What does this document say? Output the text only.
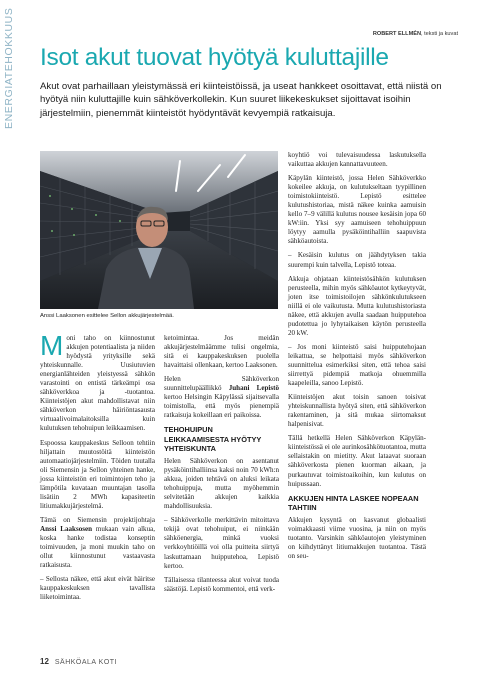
ENERGIATEHOKKUUS	ROBERT ELLMÉN, teksti ja kuvat
Isot akut tuovat hyötyä kuluttajille

Akut ovat parhaillaan yleistymässä eri kiinteistöissä, ja useat hankkeet osoittavat, että niistä on hyötyä niin kuluttajille kuin sähköverkollekin. Kun suuret liikekeskukset sijoittavat isoihin järjestelmiin, pienemmät kiinteistöt hyödyntävät kevyempiä ratkaisuja.

Anssi Laaksonen esittelee Sellon akkujärjestelmää.

Moni taho on kiinnostunut akkujen potentiaalista ja niiden hyödystä yrityksille sekä yhteiskunnalle. Uusiutuvien energianlähteiden yleistyessä sähkön varastointi on entistä tärkeämpi osa sähköverkkoa ja -tuotantoa. Kiinteistöjen akut mahdollistavat niin sähköverkon häiriöntasausta virtuaalivoimalaitoksilla kuin kulutuksen tehohuipun leikkaamisen.

Espoossa kauppakeskus Selloon tehtiin hiljattain muutostöitä kiinteistön automaatiojärjestelmiin. Töiden tuutalla oli Siemensin ja Sellon yhteinen hanke, jossa kiinteistön eri toimintojen teho ja lämpötila kuvataan muuntajan tasolla lisätiin 2 MWh kapasiteetin litiumakkujärjestelmä.

Tämä on Siemensin projektijohtaja Anssi Laaksosen mukaan vain alkua, koska hanke todistaa konseptin toimivuuden, ja moni muukin taho on ollut kiinnostunut vastaavasta ratkaisusta.

– Sellosta näkee, että akut eivät häiritse kauppakeskuksen tavallista liiketoimintaa.

ketoimintaa. Jos meidän akkujärjestelmäämme tulisi ongelmia, sitä ei kauppakeskuksen puolella havaittaisi ollenkaan, kertoo Laaksonen.

Helen Sähköverkon suunnittelupäällikkö Juhani Lepistö kertoo Helsingin Käpylässä sijaitsevalla toimistolla, että myös pienempiä ratkaisuja kokeillaan eri paikoissa.

TEHOHUIPUN LEIKKAAMISESTA HYÖTYY YHTEISKUNTA

Helen Sähköverkon on asentanut pysäköintihalliinsa kaksi noin 70 kWh:n akkua, joiden tehtävä on aluksi leikata tehohuippuja, mutta myöhemmin selvitetään akkujen kaikkia mahdollisuuksia.

– Sähköverkolle merkittävin mitoittava tekijä ovat tehohuiput, ei niinkään sähköenergia, minkä vuoksi verkkoyhtiöillä voi olla puitteita siirtyä laskuttamaan huipputehoa, Lepistö kertoo.

Tällaisessa tilanteessa akut voivat tuoda säästöjä. Lepistö kommentoi, että verk-

koyhtiö voi tulevaisuudessa laskutuksella vaikuttaa akkujen kannattavuuteen.

Käpylän kiinteistö, jossa Helen Sähköverkko kokeilee akkuja, on kulutukseltaan tyypillinen toimistokiinteistö. Lepistö esittelee kulutushistoriaa, mistä näkee kuinka aamuisin kello 7–9 välillä kulutus nousee kesäisin jopa 60 kW:iin. Yksi syy aamuiseen tehohuippuun löytyy aamulla pysäköintihalliin saapuvista sähköautoista.

– Kesäisin kulutus on jäähdytyksen takia suurempi kuin talvella, Lepistö toteaa.

Akkuja ohjataan kiinteistösähkön kulutuksen perusteella, mihin myös sähköautot kytkeytyvät, joten itse toimistoilojen sähkönkulutukseen niillä ei ole vaikutusta. Mutta kulutushistoriasta näkee, että akkujen avulla saadaan huipputehoa pudotettua jo lyhytaikaisen käytön perusteella 20 kW.

– Jos moni kiinteistö saisi huipputehojaan leikattua, se helpottaisi myös sähköverkon suunnittelua esimerkiksi siten, että tehoa saisi siirrettyä pidempiä matkoja ohuemmilla kaapeleilla, sanoo Lepistö.

Kiinteistöjen akut toisin sanoen toisivat yhteiskunnallista hyötyä siten, että sähköverkon rakentaminen, ja sitä mukaa siirtomaksut halpenisivat.

Tällä hetkellä Helen Sähköverkon Käpylän-kiinteistössä ei ole aurinkosähkötuotantoa, mutta sellaistakin on mietitty. Akut lataavat suoraan sähköverkosta pienen kuorman aikaan, ja purkautuvat toimistoaikoihin, kun kulutus on huipussaan.

AKKUJEN HINTA LASKEE NOPEAAN TAHTIIN

Akkujen kysyntä on kasvanut globaalisti voimakkaasti viime vuosina, ja niin on myös tuotanto. Varsinkin sähköautojen yleistyminen on kiihdyttänyt litiumakkujen tuotantoa. Tästä on seu-

12 SÄHKÖALA KOTI
